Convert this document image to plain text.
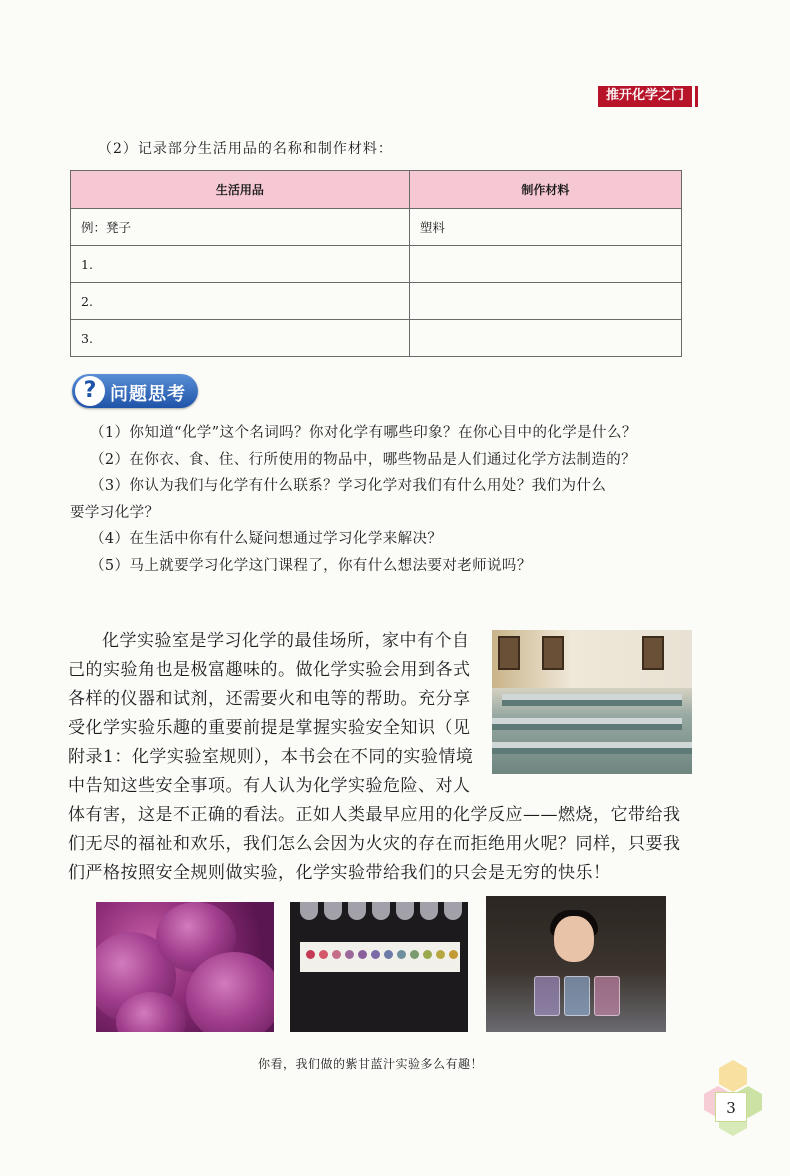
推开化学之门
（2）记录部分生活用品的名称和制作材料：
生活用品	制作材料
例：凳子	塑料
1.	
2.	
3.	
? 问题思考

（1）你知道“化学”这个名词吗？你对化学有哪些印象？在你心目中的化学是什么？

（2）在你衣、食、住、行所使用的物品中，哪些物品是人们通过化学方法制造的？

（3）你认为我们与化学有什么联系？学习化学对我们有什么用处？我们为什么

要学习化学？

（4）在生活中你有什么疑问想通过学习化学来解决？

（5）马上就要学习化学这门课程了，你有什么想法要对老师说吗？

化学实验室是学习化学的最佳场所，家中有个自己的实验角也是极富趣味的。做化学实验会用到各式各样的仪器和试剂，还需要火和电等的帮助。充分享受化学实验乐趣的重要前提是掌握实验安全知识（见附录1：化学实验室规则），本书会在不同的实验情境中告知这些安全事项。有人认为化学实验危险、对人体有害，这是不正确的看法。正如人类最早应用的化学反应——燃烧，它带给我们无尽的福祉和欢乐，我们怎么会因为火灾的存在而拒绝用火呢？同样，只要我们严格按照安全规则做实验，化学实验带给我们的只会是无穷的快乐！
你看，我们做的紫甘蓝汁实验多么有趣！
3
